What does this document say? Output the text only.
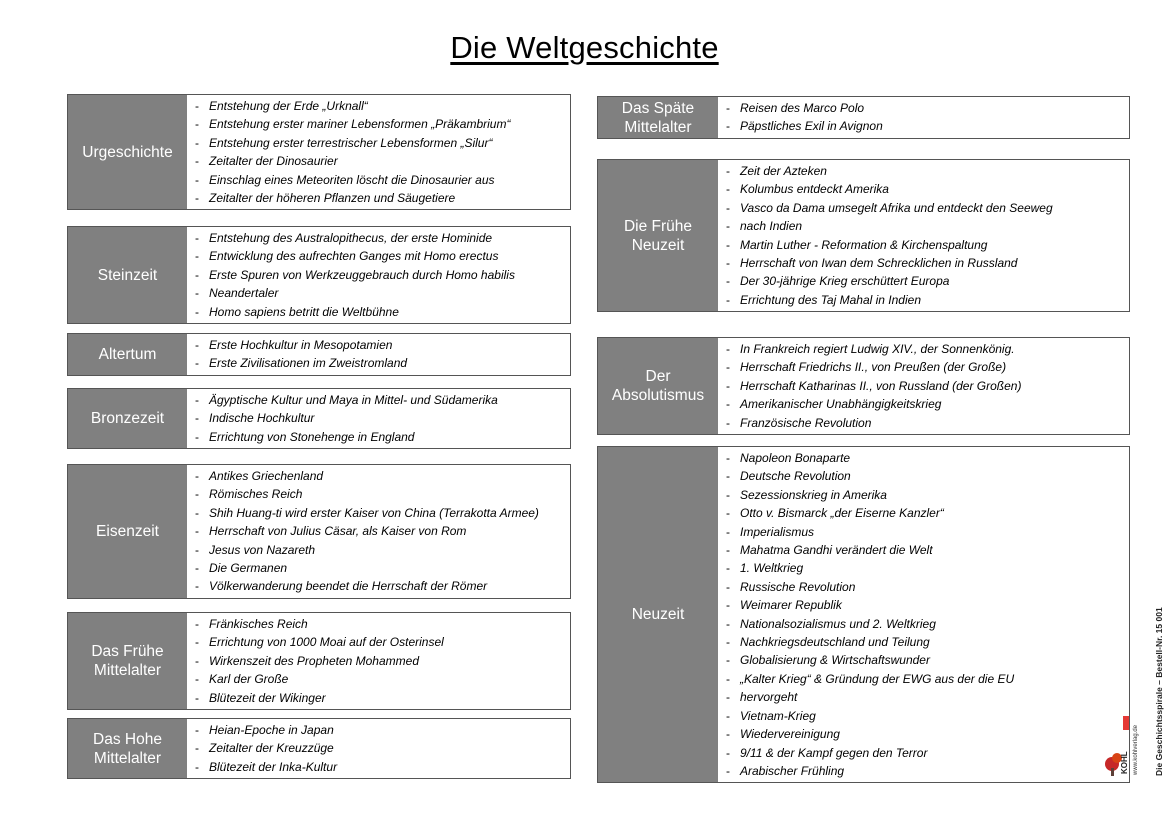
Die Weltgeschichte
Urgeschichte
- Entstehung der Erde „Urknall“
- Entstehung erster mariner Lebensformen „Präkambrium“
- Entstehung erster terrestrischer Lebensformen „Silur“
- Zeitalter der Dinosaurier
- Einschlag eines Meteoriten löscht die Dinosaurier aus
- Zeitalter der höheren Pflanzen und Säugetiere
Steinzeit
- Entstehung des Australopithecus, der erste Hominide
- Entwicklung des aufrechten Ganges mit Homo erectus
- Erste Spuren von Werkzeuggebrauch durch Homo habilis
- Neandertaler
- Homo sapiens betritt die Weltbühne
Altertum
- Erste Hochkultur in Mesopotamien
- Erste Zivilisationen im Zweistromland
Bronzezeit
- Ägyptische Kultur und Maya in Mittel- und Südamerika
- Indische Hochkultur
- Errichtung von Stonehenge in England
Eisenzeit
- Antikes Griechenland
- Römisches Reich
- Shih Huang-ti wird erster Kaiser von China (Terrakotta Armee)
- Herrschaft von Julius Cäsar, als Kaiser von Rom
- Jesus von Nazareth
- Die Germanen
- Völkerwanderung beendet die Herrschaft der Römer
Das Frühe
Mittelalter
- Fränkisches Reich
- Errichtung von 1000 Moai auf der Osterinsel
- Wirkenszeit des Propheten Mohammed
- Karl der Große
- Blütezeit der Wikinger
Das Hohe
Mittelalter
- Heian-Epoche in Japan
- Zeitalter der Kreuzzüge
- Blütezeit der Inka-Kultur
Das Späte
Mittelalter
- Reisen des Marco Polo
- Päpstliches Exil in Avignon
Die Frühe
Neuzeit
- Zeit der Azteken
- Kolumbus entdeckt Amerika
- Vasco da Dama umsegelt Afrika und entdeckt den Seeweg
- nach Indien
- Martin Luther - Reformation & Kirchenspaltung
- Herrschaft von Iwan dem Schrecklichen in Russland
- Der 30-jährige Krieg erschüttert Europa
- Errichtung des Taj Mahal in Indien
Der
Absolutismus
- In Frankreich regiert Ludwig XIV., der Sonnenkönig.
- Herrschaft Friedrichs II., von Preußen (der Große)
- Herrschaft Katharinas II., von Russland (der Großen)
- Amerikanischer Unabhängigkeitskrieg
- Französische Revolution
Neuzeit
- Napoleon Bonaparte
- Deutsche Revolution
- Sezessionskrieg in Amerika
- Otto v. Bismarck „der Eiserne Kanzler“
- Imperialismus
- Mahatma Gandhi verändert die Welt
- 1. Weltkrieg
- Russische Revolution
- Weimarer Republik
- Nationalsozialismus und 2. Weltkrieg
- Nachkriegsdeutschland und Teilung
- Globalisierung & Wirtschaftswunder
- „Kalter Krieg“ & Gründung der EWG aus der die EU
- hervorgeht
- Vietnam-Krieg
- Wiedervereinigung
- 9/11 & der Kampf gegen den Terror
- Arabischer Frühling	KOHL www.kohlverlag.de Die Geschichtsspirale – Bestell-Nr. 15 001
